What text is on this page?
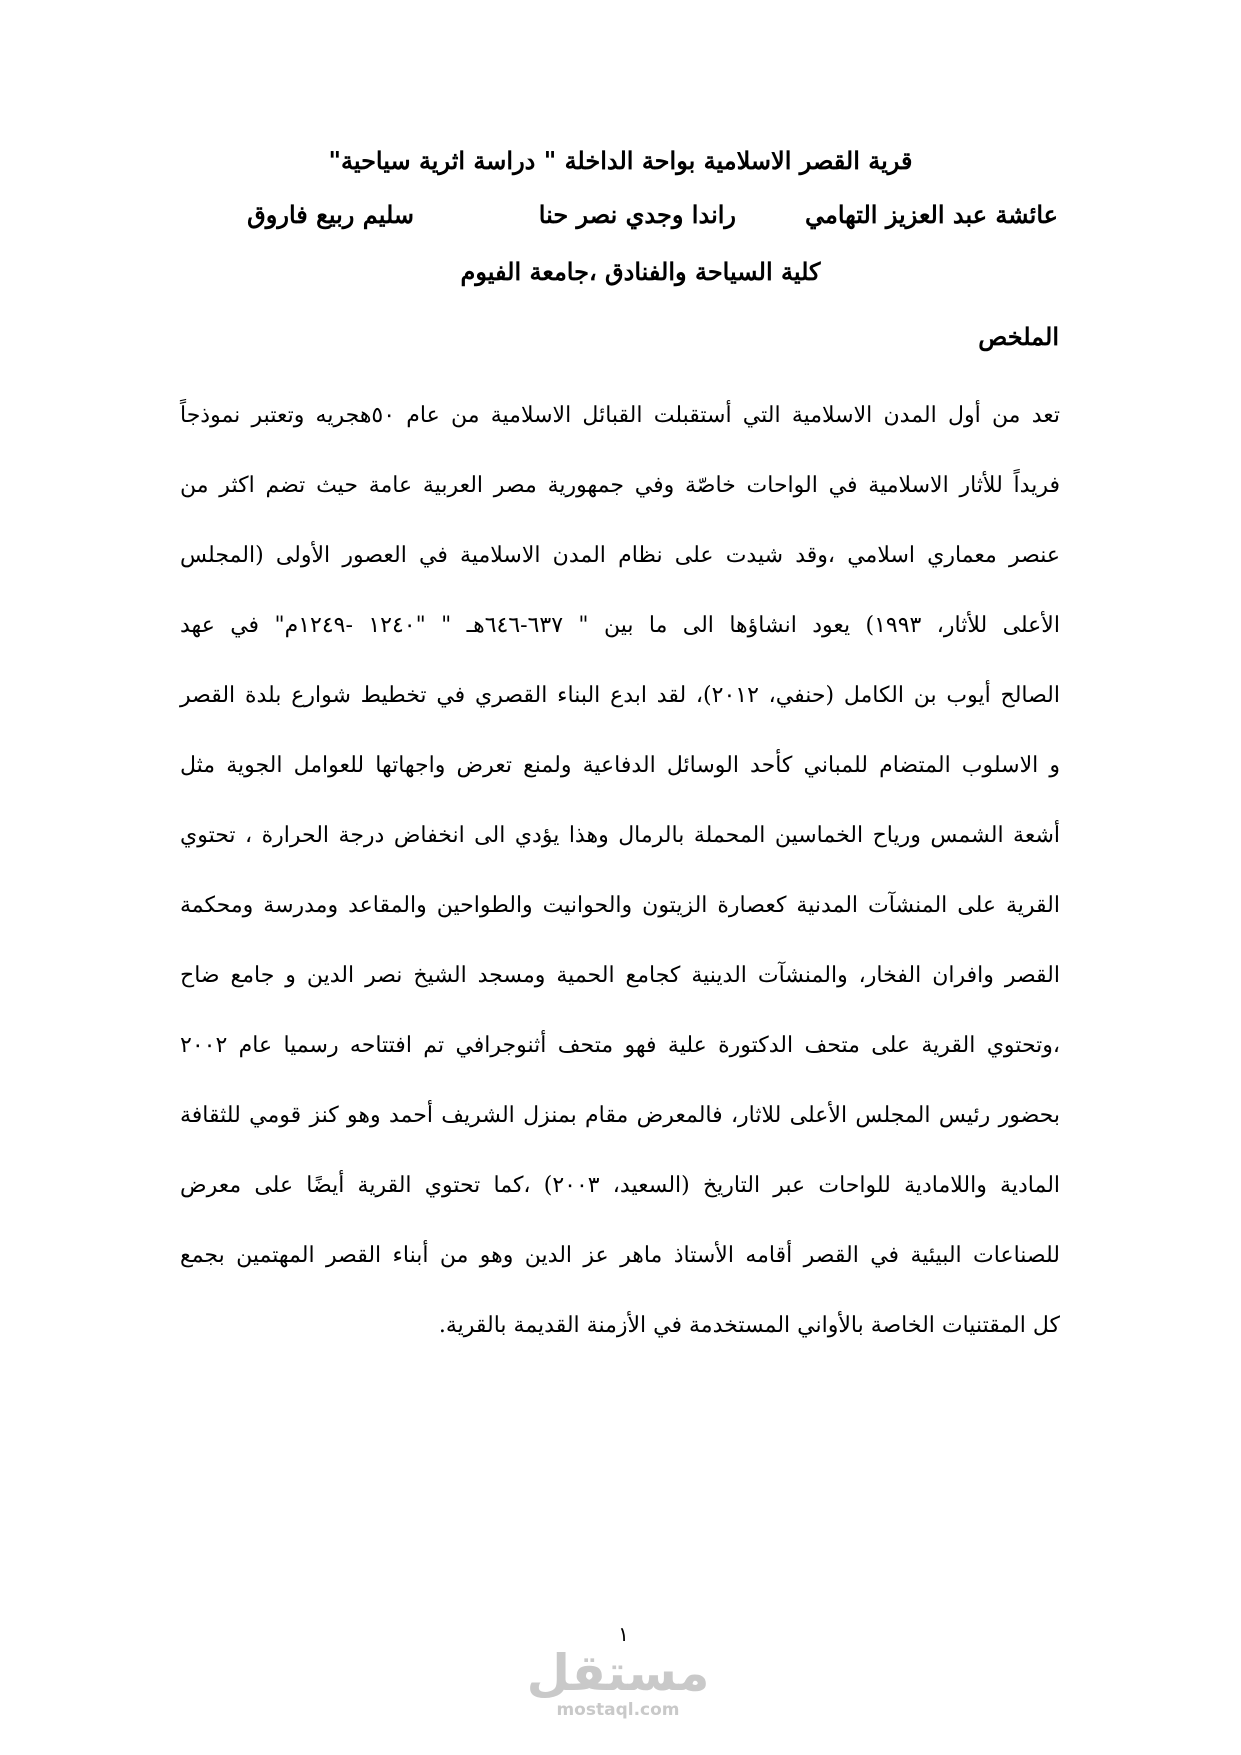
قرية القصر الاسلامية بواحة الداخلة " دراسة اثرية سياحية"
عائشة عبد العزيز التهامي
راندا وجدي نصر حنا
سليم ربيع فاروق
كلية السياحة والفنادق ،جامعة الفيوم
الملخص
تعد من أول المدن الاسلامية التي أستقبلت القبائل الاسلامية من عام ٥٠هجريه وتعتبر نموذجاً
فريداً للأثار الاسلامية في الواحات خاصّة وفي جمهورية مصر العربية عامة حيث تضم اكثر من
عنصر معماري اسلامي ،وقد شيدت على نظام المدن الاسلامية في العصور الأولى (المجلس
الأعلى للأثار، ١٩٩٣) يعود انشاؤها الى ما بين " ٦٣٧-٦٤٦هـ " "١٢٤٠ -١٢٤٩م" في عهد
الصالح أيوب بن الكامل (حنفي، ٢٠١٢)، لقد ابدع البناء القصري في تخطيط شوارع بلدة القصر
و الاسلوب المتضام للمباني كأحد الوسائل الدفاعية ولمنع تعرض واجهاتها للعوامل الجوية مثل
أشعة الشمس ورياح الخماسين المحملة بالرمال وهذا يؤدي الى انخفاض درجة الحرارة ، تحتوي
القرية على المنشآت المدنية كعصارة الزيتون والحوانيت والطواحين والمقاعد ومدرسة ومحكمة
القصر وافران الفخار، والمنشآت الدينية كجامع الحمية ومسجد الشيخ نصر الدين و جامع ضاح
،وتحتوي القرية على متحف الدكتورة علية فهو متحف أثنوجرافي تم افتتاحه رسميا عام ٢٠٠٢
بحضور رئيس المجلس الأعلى للاثار، فالمعرض مقام بمنزل الشريف أحمد وهو كنز قومي للثقافة
المادية واللامادية للواحات عبر التاريخ (السعيد، ٢٠٠٣) ،كما تحتوي القرية أيضًا على معرض
للصناعات البيئية في القصر أقامه الأستاذ ماهر عز الدين وهو من أبناء القصر المهتمين بجمع
كل المقتنيات الخاصة بالأواني المستخدمة في الأزمنة القديمة بالقرية.
١
مستقل
mostaql.com
